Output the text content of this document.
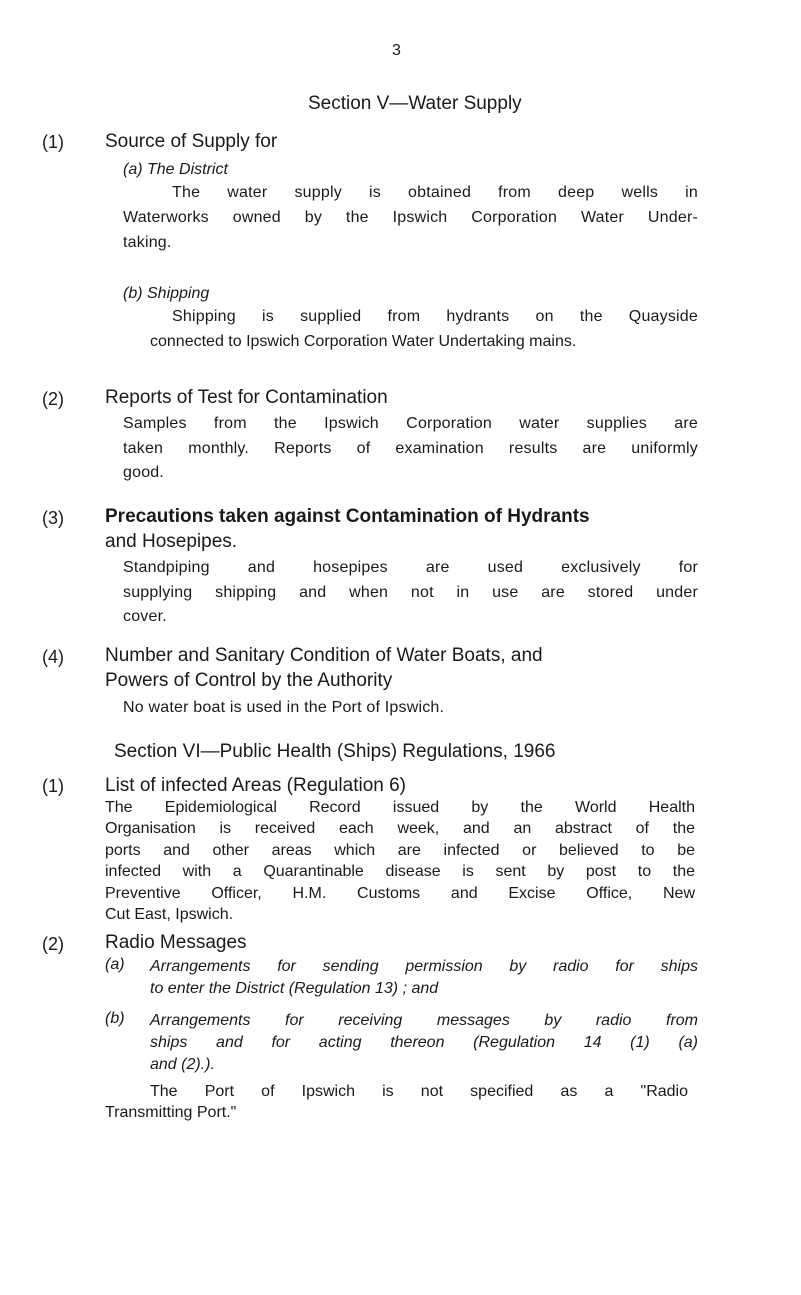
3
Section V—Water Supply
(1) Source of Supply for
(a) The District
The water supply is obtained from deep wells in
Waterworks owned by the Ipswich Corporation Water Under-
taking.
(b) Shipping
Shipping is supplied from hydrants on the Quayside
connected to Ipswich Corporation Water Undertaking mains.
(2) Reports of Test for Contamination
Samples from the Ipswich Corporation water supplies are
taken monthly. Reports of examination results are uniformly
good.
(3) Precautions taken against Contamination of Hydrants
and Hosepipes.
Standpiping and hosepipes are used exclusively for
supplying shipping and when not in use are stored under
cover.
(4) Number and Sanitary Condition of Water Boats, and
Powers of Control by the Authority
No water boat is used in the Port of Ipswich.
Section VI—Public Health (Ships) Regulations, 1966
(1) List of infected Areas (Regulation 6)
The Epidemiological Record issued by the World Health
Organisation is received each week, and an abstract of the
ports and other areas which are infected or believed to be
infected with a Quarantinable disease is sent by post to the
Preventive Officer, H.M. Customs and Excise Office, New
Cut East, Ipswich.
(2) Radio Messages
(a) Arrangements for sending permission by radio for ships
to enter the District (Regulation 13) ; and
(b) Arrangements for receiving messages by radio from
ships and for acting thereon (Regulation 14 (1) (a)
and (2).).
The Port of Ipswich is not specified as a "Radio
Transmitting Port."
